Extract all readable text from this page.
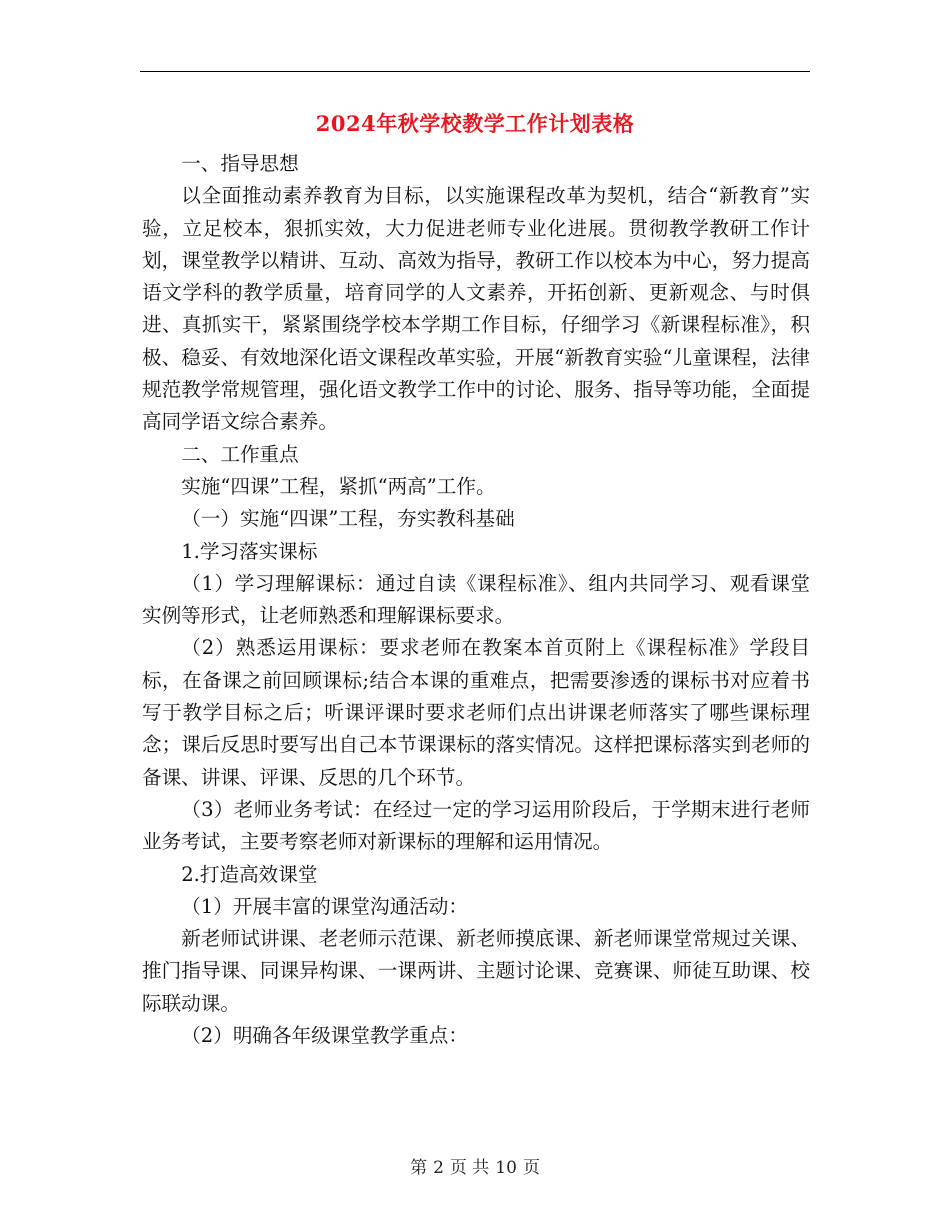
2024年秋学校教学工作计划表格

一、指导思想

以全面推动素养教育为目标，以实施课程改革为契机，结合“新教育”实验，立足校本，狠抓实效，大力促进老师专业化进展。贯彻教学教研工作计划，课堂教学以精讲、互动、高效为指导，教研工作以校本为中心，努力提高语文学科的教学质量，培育同学的人文素养，开拓创新、更新观念、与时俱进、真抓实干，紧紧围绕学校本学期工作目标，仔细学习《新课程标准》，积极、稳妥、有效地深化语文课程改革实验，开展“新教育实验“儿童课程，法律规范教学常规管理，强化语文教学工作中的讨论、服务、指导等功能，全面提高同学语文综合素养。

二、工作重点

实施“四课”工程，紧抓“两高”工作。

（一）实施“四课”工程，夯实教科基础

1.学习落实课标

（1）学习理解课标：通过自读《课程标准》、组内共同学习、观看课堂实例等形式，让老师熟悉和理解课标要求。

（2）熟悉运用课标：要求老师在教案本首页附上《课程标准》学段目标，在备课之前回顾课标;结合本课的重难点，把需要渗透的课标书对应着书写于教学目标之后；听课评课时要求老师们点出讲课老师落实了哪些课标理念；课后反思时要写出自己本节课课标的落实情况。这样把课标落实到老师的备课、讲课、评课、反思的几个环节。

（3）老师业务考试：在经过一定的学习运用阶段后，于学期末进行老师业务考试，主要考察老师对新课标的理解和运用情况。

2.打造高效课堂

（1）开展丰富的课堂沟通活动：

新老师试讲课、老老师示范课、新老师摸底课、新老师课堂常规过关课、推门指导课、同课异构课、一课两讲、主题讨论课、竞赛课、师徒互助课、校际联动课。

（2）明确各年级课堂教学重点：

第 2 页 共 10 页
